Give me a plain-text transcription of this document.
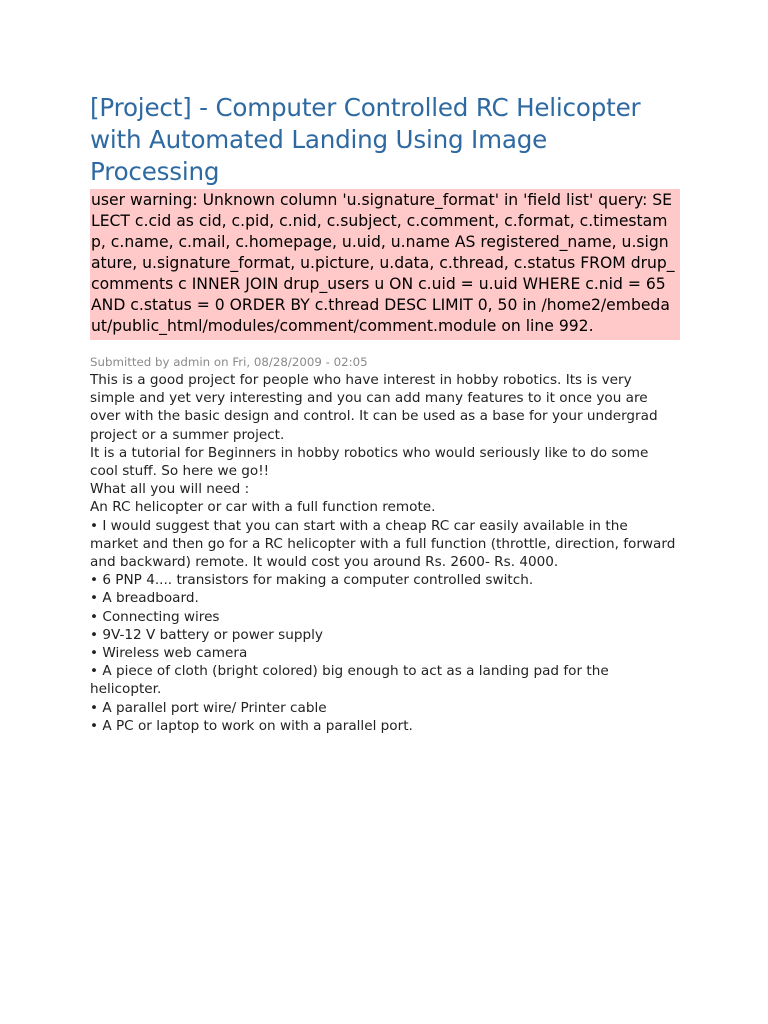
[Project] - Computer Controlled RC Helicopter with Automated Landing Using Image Processing
user warning: Unknown column 'u.signature_format' in 'field list' query: SELECT c.cid as cid, c.pid, c.nid, c.subject, c.comment, c.format, c.timestamp, c.name, c.mail, c.homepage, u.uid, u.name AS registered_name, u.signature, u.signature_format, u.picture, u.data, c.thread, c.status FROM drup_comments c INNER JOIN drup_users u ON c.uid = u.uid WHERE c.nid = 65 AND c.status = 0 ORDER BY c.thread DESC LIMIT 0, 50 in /home2/embedaut/public_html/modules/comment/comment.module on line 992.
Submitted by admin on Fri, 08/28/2009 - 02:05

This is a good project for people who have interest in hobby robotics. Its is very simple and yet very interesting and you can add many features to it once you are over with the basic design and control. It can be used as a base for your undergrad project or a summer project.

It is a tutorial for Beginners in hobby robotics who would seriously like to do some cool stuff. So here we go!!

What all you will need :

An RC helicopter or car with a full function remote.

• I would suggest that you can start with a cheap RC car easily available in the market and then go for a RC helicopter with a full function (throttle, direction, forward and backward) remote. It would cost you around Rs. 2600- Rs. 4000.

• 6 PNP 4.... transistors for making a computer controlled switch.

• A breadboard.

• Connecting wires

• 9V-12 V battery or power supply

• Wireless web camera

• A piece of cloth (bright colored) big enough to act as a landing pad for the helicopter.

• A parallel port wire/ Printer cable

• A PC or laptop to work on with a parallel port.
